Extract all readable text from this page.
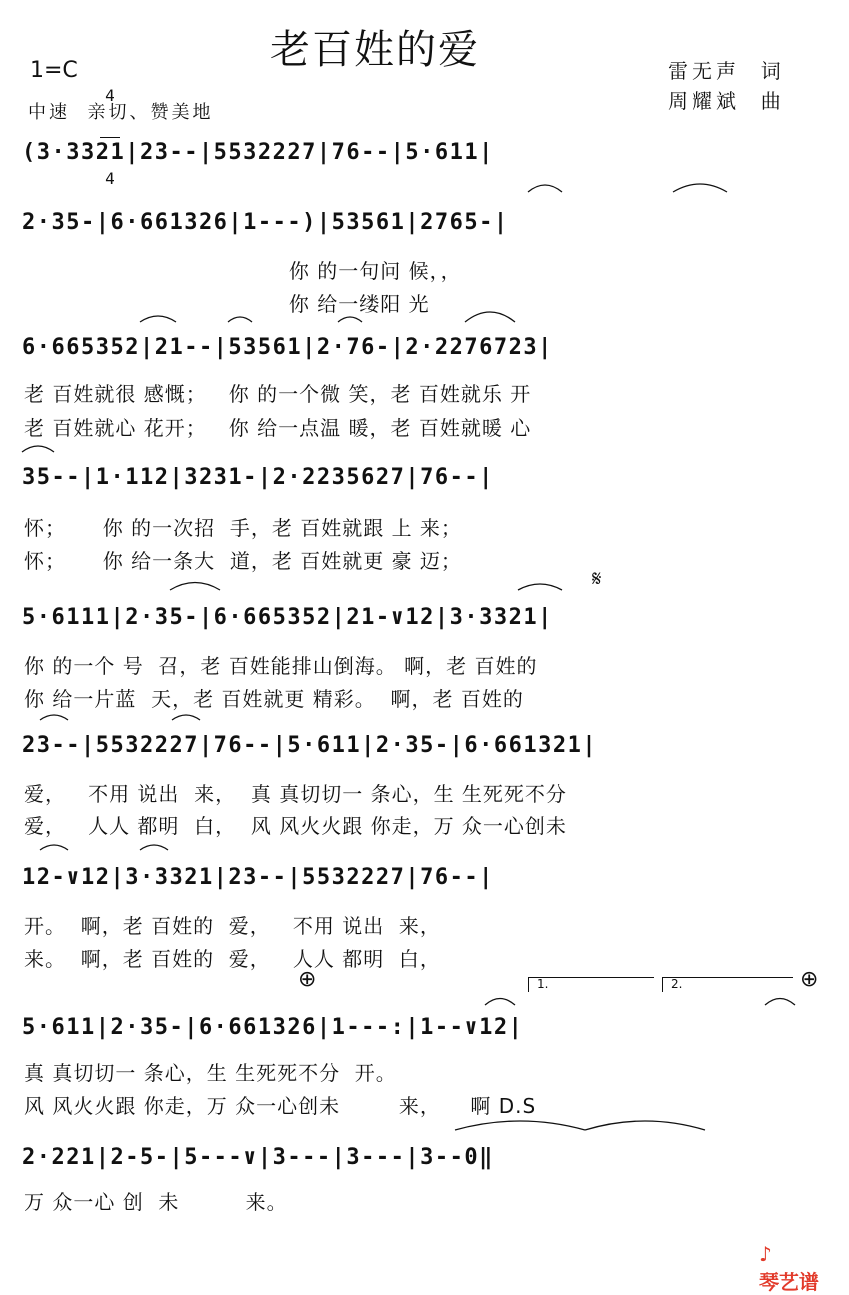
老百姓的爱	雷无声  词
周耀斌  曲
1=C

4

4

中速  亲切、赞美地
(3·3321|23--|5532227|76--|5·611|
2·35-|6·661326|1---)|53561|2765-|
你 的一句问 候，，
你 给一缕阳 光
6·665352|21--|53561|2·76-|2·2276723|
老 百姓就很 感慨；   你 的一个微 笑，老 百姓就乐 开
老 百姓就心 花开；   你 给一点温 暖，老 百姓就暖 心
35--|1·112|3231-|2·2235627|76--|
怀；     你 的一次招  手，老 百姓就跟 上 来；
怀；     你 给一条大  道，老 百姓就更 豪 迈；
𝄋
5·6111|2·35-|6·665352|21-∨12|3·3321|
你 的一个 号  召，老 百姓能排山倒海。 啊，老 百姓的
你 给一片蓝  天，老 百姓就更 精彩。  啊，老 百姓的
23--|5532227|76--|5·611|2·35-|6·661321|
爱，   不用 说出  来，  真 真切切一 条心，生 生死死不分
爱，   人人 都明  白，  风 风火火跟 你走，万 众一心创未
12-∨12|3·3321|23--|5532227|76--|
开。  啊，老 百姓的  爱，   不用 说出  来，
来。  啊，老 百姓的  爱，   人人 都明  白，
⊕	⊕

1.

	2.

5·611|2·35-|6·661326|1---:|1--∨12|
真 真切切一 条心，生 生死死不分  开。
风 风火火跟 你走，万 众一心创未        来，    啊 D.S
2·221|2-5-|5---∨|3---|3---|3--0‖
万 众一心 创  未         来。

♪
琴艺谱
